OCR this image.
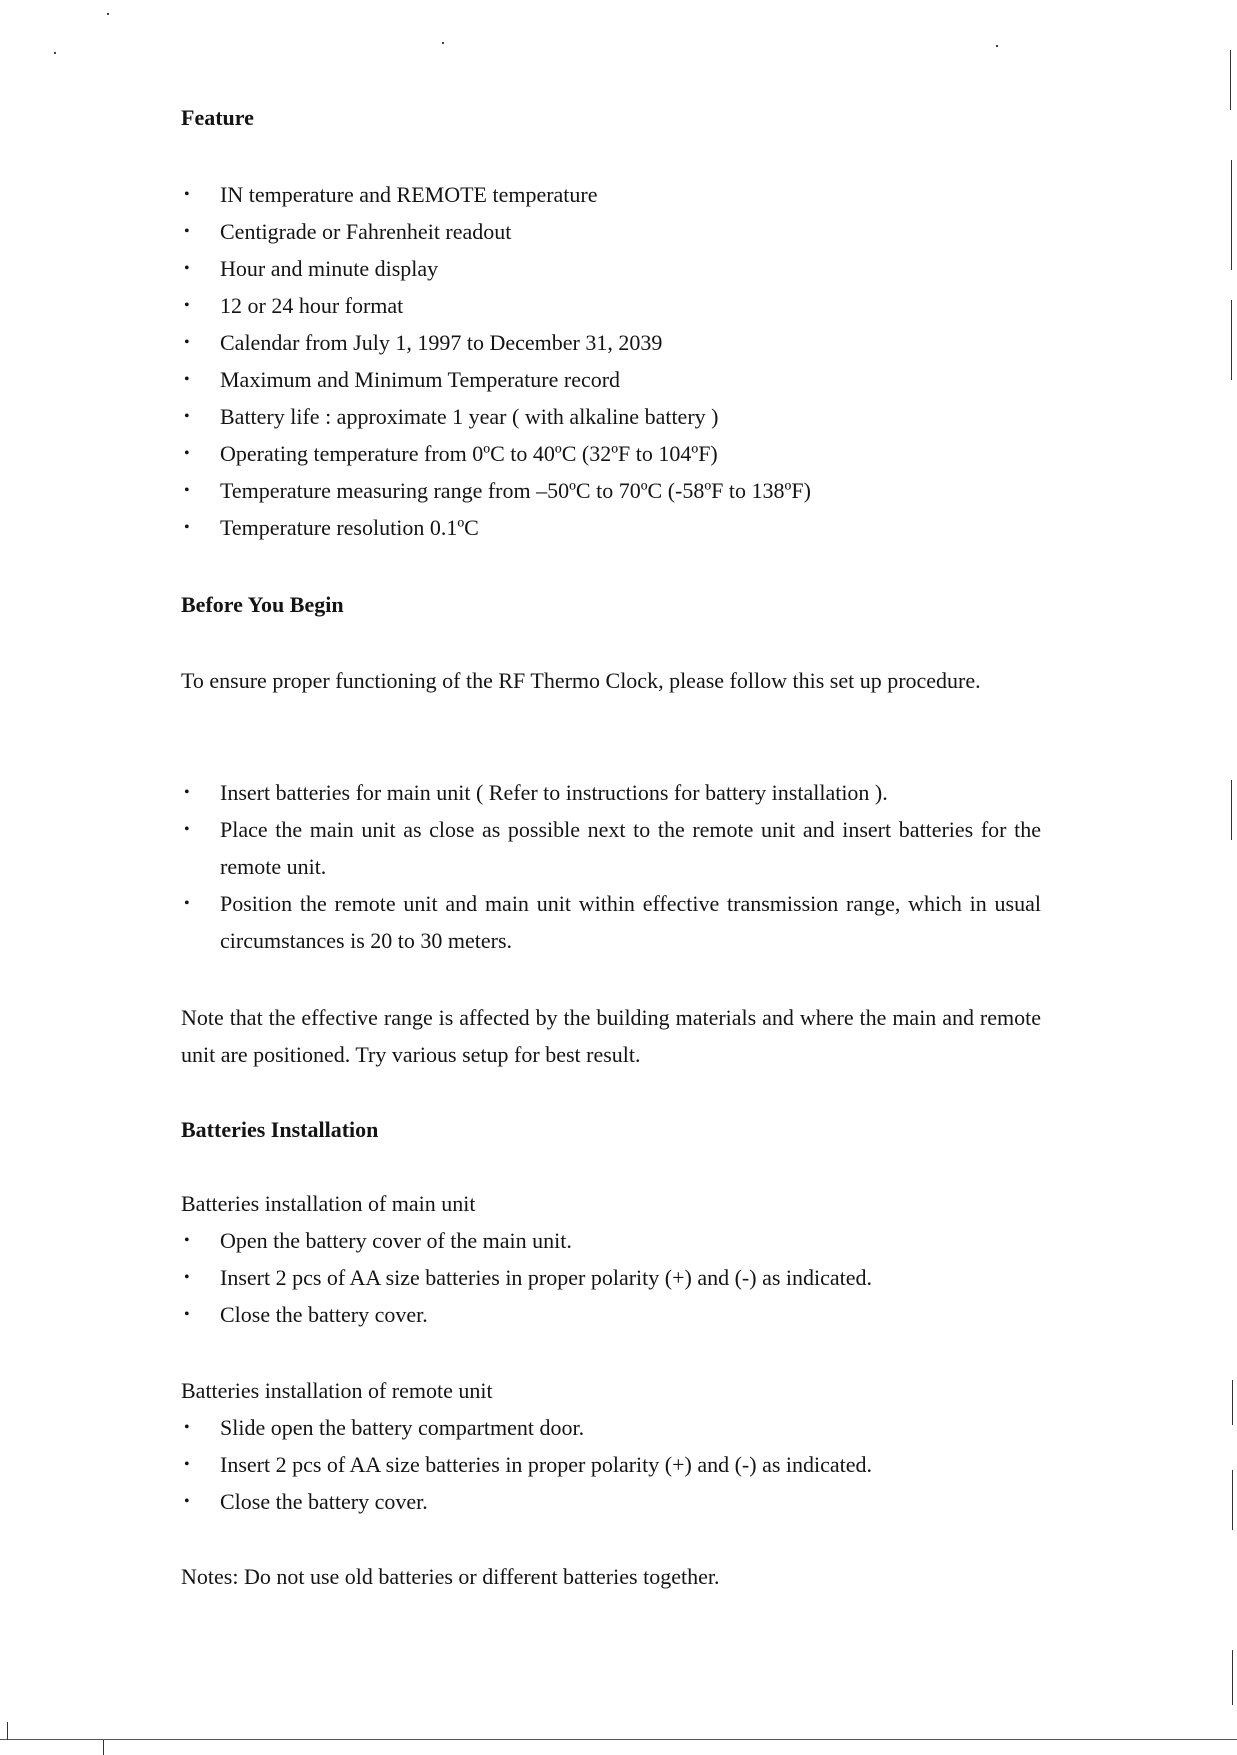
Feature
• IN temperature and REMOTE temperature
• Centigrade or Fahrenheit readout
• Hour and minute display
• 12 or 24 hour format
• Calendar from July 1, 1997 to December 31, 2039
• Maximum and Minimum Temperature record
• Battery life : approximate 1 year ( with alkaline battery )
• Operating temperature from 0ºC to 40ºC (32ºF to 104ºF)
• Temperature measuring range from –50ºC to 70ºC (-58ºF to 138ºF)
• Temperature resolution 0.1ºC
Before You Begin
To ensure proper functioning of the RF Thermo Clock, please follow this set up procedure.
• Insert batteries for main unit ( Refer to instructions for battery installation ).
• Place the main unit as close as possible next to the remote unit and insert batteries for the remote unit.
• Position the remote unit and main unit within effective transmission range, which in usual circumstances is 20 to 30 meters.
Note that the effective range is affected by the building materials and where the main and remote unit are positioned. Try various setup for best result.
Batteries Installation
Batteries installation of main unit
• Open the battery cover of the main unit.
• Insert 2 pcs of AA size batteries in proper polarity (+) and (-) as indicated.
• Close the battery cover.
Batteries installation of remote unit
• Slide open the battery compartment door.
• Insert 2 pcs of AA size batteries in proper polarity (+) and (-) as indicated.
• Close the battery cover.
Notes: Do not use old batteries or different batteries together.
